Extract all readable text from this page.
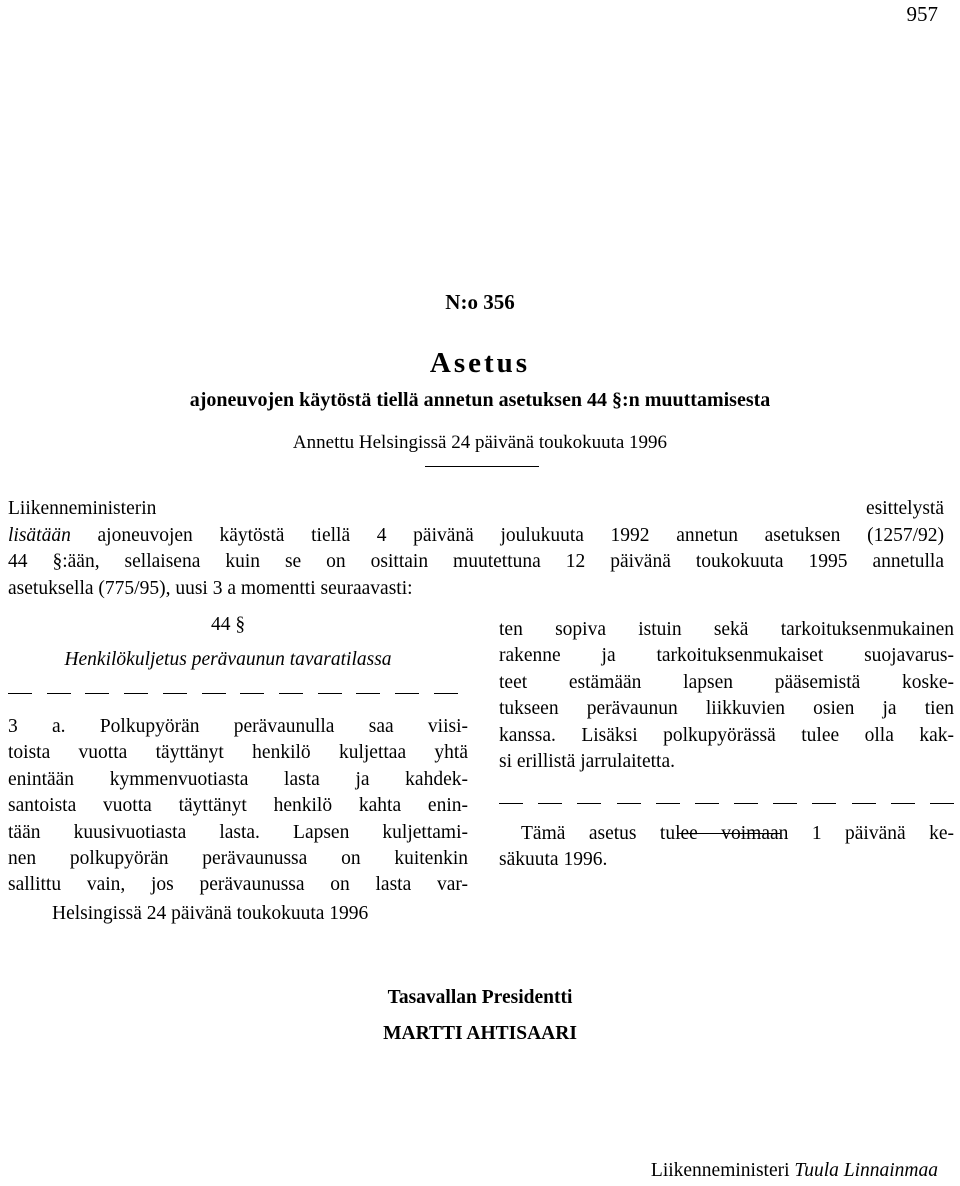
957
N:o 356
Asetus
ajoneuvojen käytöstä tiellä annetun asetuksen 44 §:n muuttamisesta
Annettu Helsingissä 24 päivänä toukokuuta 1996
Liikenneministerin esittelystä
lisätään ajoneuvojen käytöstä tiellä 4 päivänä joulukuuta 1992 annetun asetuksen (1257/92)
44 §:ään, sellaisena kuin se on osittain muutettuna 12 päivänä toukokuuta 1995 annetulla
asetuksella (775/95), uusi 3 a momentti seuraavasti:
44 §
Henkilökuljetus perävaunun tavaratilassa
3 a. Polkupyörän perävaunulla saa viisi-
toista vuotta täyttänyt henkilö kuljettaa yhtä
enintään kymmenvuotiasta lasta ja kahdek-
santoista vuotta täyttänyt henkilö kahta enin-
tään kuusivuotiasta lasta. Lapsen kuljettami-
nen polkupyörän perävaunussa on kuitenkin
sallittu vain, jos perävaunussa on lasta var-
ten sopiva istuin sekä tarkoituksenmukainen
rakenne ja tarkoituksenmukaiset suojavarus-
teet estämään lapsen pääsemistä koske-
tukseen perävaunun liikkuvien osien ja tien
kanssa. Lisäksi polkupyörässä tulee olla kak-
si erillistä jarrulaitetta.
Tämä asetus tulee voimaan 1 päivänä ke-
säkuuta 1996.
Helsingissä 24 päivänä toukokuuta 1996
Tasavallan Presidentti
MARTTI AHTISAARI
Liikenneministeri Tuula Linnainmaa
